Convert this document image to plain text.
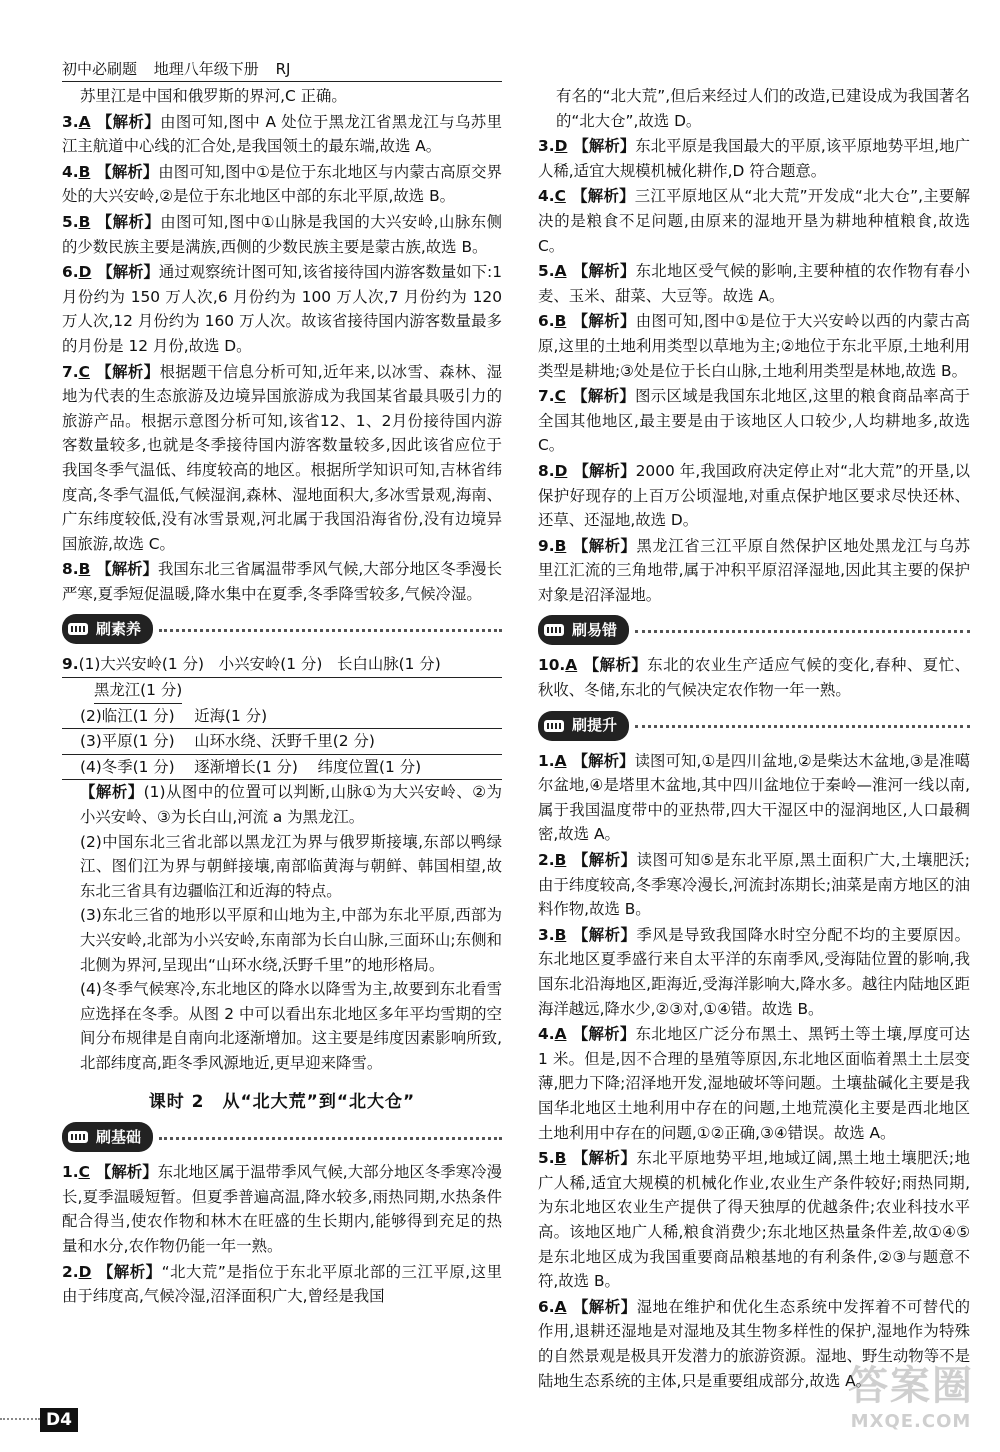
初中必刷题 地理八年级下册 RJ
苏里江是中国和俄罗斯的界河,C 正确。
3.A 【解析】由图可知,图中 A 处位于黑龙江省黑龙江与乌苏里江主航道中心线的汇合处,是我国领土的最东端,故选 A。
4.B 【解析】由图可知,图中①是位于东北地区与内蒙古高原交界处的大兴安岭,②是位于东北地区中部的东北平原,故选 B。
5.B 【解析】由图可知,图中①山脉是我国的大兴安岭,山脉东侧的少数民族主要是满族,西侧的少数民族主要是蒙古族,故选 B。
6.D 【解析】通过观察统计图可知,该省接待国内游客数量如下:1 月份约为 150 万人次,6 月份约为 100 万人次,7 月份约为 120 万人次,12 月份约为 160 万人次。故该省接待国内游客数量最多的月份是 12 月份,故选 D。
7.C 【解析】根据题干信息分析可知,近年来,以冰雪、森林、湿地为代表的生态旅游及边境异国旅游成为我国某省最具吸引力的旅游产品。根据示意图分析可知,该省12、1、2月份接待国内游客数量较多,也就是冬季接待国内游客数量较多,因此该省应位于我国冬季气温低、纬度较高的地区。根据所学知识可知,吉林省纬度高,冬季气温低,气候湿润,森林、湿地面积大,多冰雪景观,海南、广东纬度较低,没有冰雪景观,河北属于我国沿海省份,没有边境异国旅游,故选 C。
8.B 【解析】我国东北三省属温带季风气候,大部分地区冬季漫长严寒,夏季短促温暖,降水集中在夏季,冬季降雪较多,气候冷湿。
刷素养
9.(1)大兴安岭(1 分) 小兴安岭(1 分) 长白山脉(1 分)
黑龙江(1 分)
(2)临江(1 分) 近海(1 分)
(3)平原(1 分) 山环水绕、沃野千里(2 分)
(4)冬季(1 分) 逐渐增长(1 分) 纬度位置(1 分)
【解析】(1)从图中的位置可以判断,山脉①为大兴安岭、②为小兴安岭、③为长白山,河流 a 为黑龙江。
(2)中国东北三省北部以黑龙江为界与俄罗斯接壤,东部以鸭绿江、图们江为界与朝鲜接壤,南部临黄海与朝鲜、韩国相望,故东北三省具有边疆临江和近海的特点。
(3)东北三省的地形以平原和山地为主,中部为东北平原,西部为大兴安岭,北部为小兴安岭,东南部为长白山脉,三面环山;东侧和北侧为界河,呈现出“山环水绕,沃野千里”的地形格局。
(4)冬季气候寒冷,东北地区的降水以降雪为主,故要到东北看雪应选择在冬季。从图 2 中可以看出东北地区多年平均雪期的空间分布规律是自南向北逐渐增加。这主要是纬度因素影响所致,北部纬度高,距冬季风源地近,更早迎来降雪。
课时 2　从“北大荒”到“北大仓”
刷基础
1.C 【解析】东北地区属于温带季风气候,大部分地区冬季寒冷漫长,夏季温暖短暂。但夏季普遍高温,降水较多,雨热同期,水热条件配合得当,使农作物和林木在旺盛的生长期内,能够得到充足的热量和水分,农作物仍能一年一熟。
2.D 【解析】“北大荒”是指位于东北平原北部的三江平原,这里由于纬度高,气候冷湿,沼泽面积广大,曾经是我国
有名的“北大荒”,但后来经过人们的改造,已建设成为我国著名的“北大仓”,故选 D。
3.D 【解析】东北平原是我国最大的平原,该平原地势平坦,地广人稀,适宜大规模机械化耕作,D 符合题意。
4.C 【解析】三江平原地区从“北大荒”开发成“北大仓”,主要解决的是粮食不足问题,由原来的湿地开垦为耕地种植粮食,故选 C。
5.A 【解析】东北地区受气候的影响,主要种植的农作物有春小麦、玉米、甜菜、大豆等。故选 A。
6.B 【解析】由图可知,图中①是位于大兴安岭以西的内蒙古高原,这里的土地利用类型以草地为主;②地位于东北平原,土地利用类型是耕地;③处是位于长白山脉,土地利用类型是林地,故选 B。
7.C 【解析】图示区域是我国东北地区,这里的粮食商品率高于全国其他地区,最主要是由于该地区人口较少,人均耕地多,故选 C。
8.D 【解析】2000 年,我国政府决定停止对“北大荒”的开垦,以保护好现存的上百万公顷湿地,对重点保护地区要求尽快还林、还草、还湿地,故选 D。
9.B 【解析】黑龙江省三江平原自然保护区地处黑龙江与乌苏里江汇流的三角地带,属于冲积平原沼泽湿地,因此其主要的保护对象是沼泽湿地。
刷易错
10.A 【解析】东北的农业生产适应气候的变化,春种、夏忙、秋收、冬储,东北的气候决定农作物一年一熟。
刷提升
1.A 【解析】读图可知,①是四川盆地,②是柴达木盆地,③是准噶尔盆地,④是塔里木盆地,其中四川盆地位于秦岭—淮河一线以南,属于我国温度带中的亚热带,四大干湿区中的湿润地区,人口最稠密,故选 A。
2.B 【解析】读图可知⑤是东北平原,黑土面积广大,土壤肥沃;由于纬度较高,冬季寒冷漫长,河流封冻期长;油菜是南方地区的油料作物,故选 B。
3.B 【解析】季风是导致我国降水时空分配不均的主要原因。东北地区夏季盛行来自太平洋的东南季风,受海陆位置的影响,我国东北沿海地区,距海近,受海洋影响大,降水多。越往内陆地区距海洋越远,降水少,②③对,①④错。故选 B。
4.A 【解析】东北地区广泛分布黑土、黑钙土等土壤,厚度可达 1 米。但是,因不合理的垦殖等原因,东北地区面临着黑土土层变薄,肥力下降;沼泽地开发,湿地破坏等问题。土壤盐碱化主要是我国华北地区土地利用中存在的问题,土地荒漠化主要是西北地区土地利用中存在的问题,①②正确,③④错误。故选 A。
5.B 【解析】东北平原地势平坦,地域辽阔,黑土地土壤肥沃;地广人稀,适宜大规模的机械化作业,农业生产条件较好;雨热同期,为东北地区农业生产提供了得天独厚的优越条件;农业科技水平高。该地区地广人稀,粮食消费少;东北地区热量条件差,故①④⑤是东北地区成为我国重要商品粮基地的有利条件,②③与题意不符,故选 B。
6.A 【解析】湿地在维护和优化生态系统中发挥着不可替代的作用,退耕还湿地是对湿地及其生物多样性的保护,湿地作为特殊的自然景观是极具开发潜力的旅游资源。湿地、野生动物等不是陆地生态系统的主体,只是重要组成部分,故选 A。
D4
答案圈
MXQE.COM
